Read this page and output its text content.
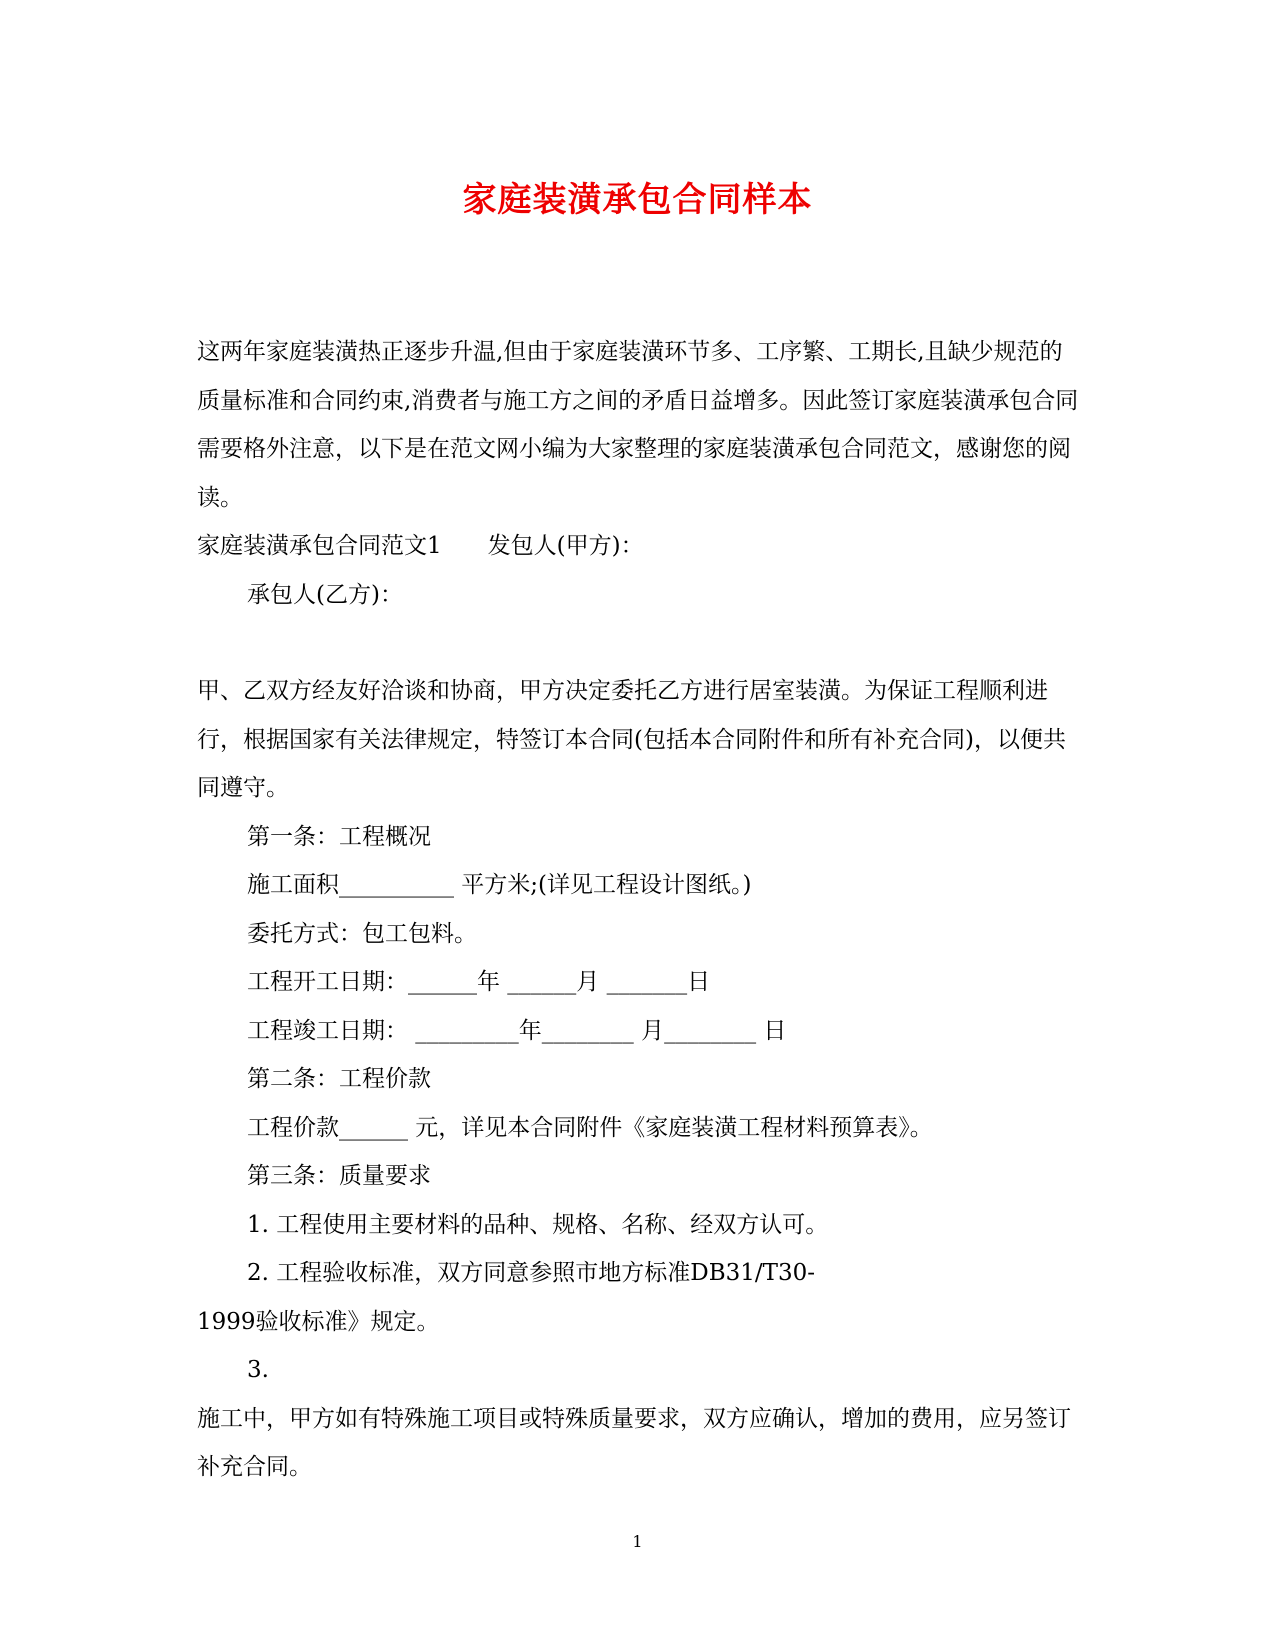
家庭装潢承包合同样本

这两年家庭装潢热正逐步升温,但由于家庭装潢环节多、工序繁、工期长,且缺少规范的质量标准和合同约束,消费者与施工方之间的矛盾日益增多。因此签订家庭装潢承包合同需要格外注意，以下是在范文网小编为大家整理的家庭装潢承包合同范文，感谢您的阅读。

家庭装潢承包合同范文1　　发包人(甲方)：

承包人(乙方)：

甲、乙双方经友好洽谈和协商，甲方决定委托乙方进行居室装潢。为保证工程顺利进行，根据国家有关法律规定，特签订本合同(包括本合同附件和所有补充合同)，以便共同遵守。

第一条：工程概况

施工面积__________ 平方米;(详见工程设计图纸。)

委托方式：包工包料。

工程开工日期：______年 ______月 _______日

工程竣工日期： _________年________ 月________ 日

第二条：工程价款

工程价款______ 元，详见本合同附件《家庭装潢工程材料预算表》。

第三条：质量要求

1. 工程使用主要材料的品种、规格、名称、经双方认可。

2. 工程验收标准，双方同意参照市地方标准DB31/T30-

1999验收标准》规定。

3.

施工中，甲方如有特殊施工项目或特殊质量要求，双方应确认，增加的费用，应另签订补充合同。

1
